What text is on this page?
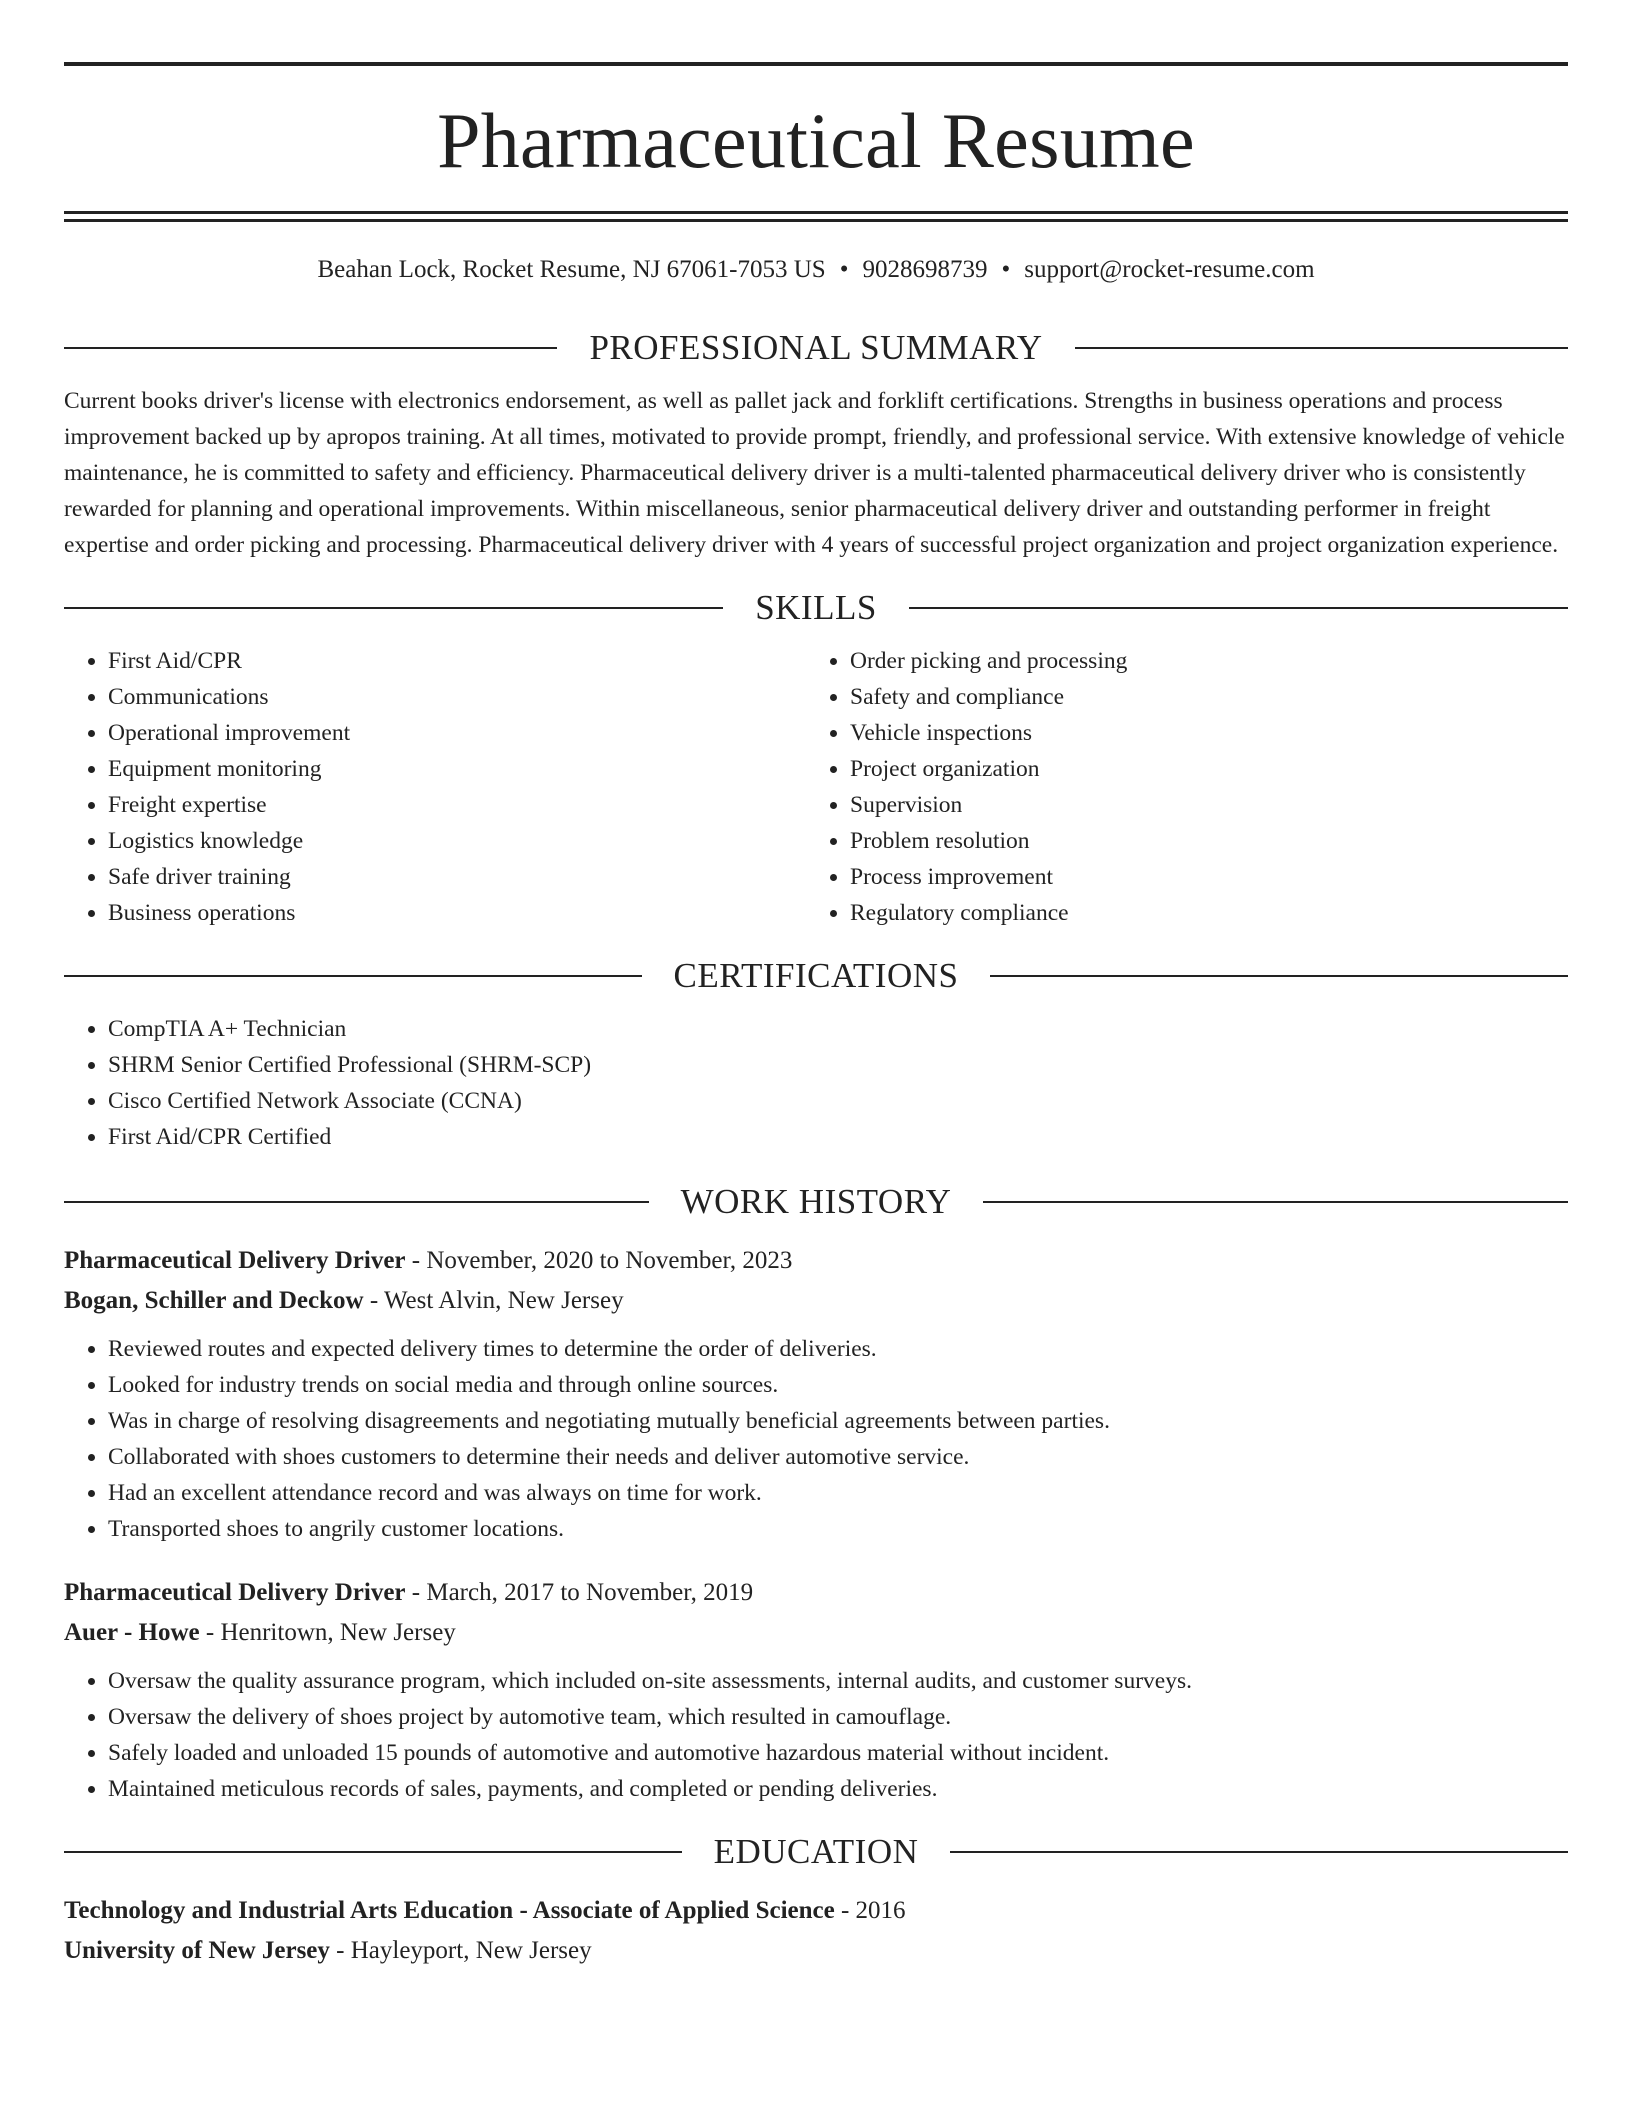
Pharmaceutical Resume
Beahan Lock, Rocket Resume, NJ 67061-7053 US • 9028698739 • support@rocket-resume.com
PROFESSIONAL SUMMARY

Current books driver's license with electronics endorsement, as well as pallet jack and forklift certifications. Strengths in business operations and process improvement backed up by apropos training. At all times, motivated to provide prompt, friendly, and professional service. With extensive knowledge of vehicle maintenance, he is committed to safety and efficiency. Pharmaceutical delivery driver is a multi-talented pharmaceutical delivery driver who is consistently rewarded for planning and operational improvements. Within miscellaneous, senior pharmaceutical delivery driver and outstanding performer in freight expertise and order picking and processing. Pharmaceutical delivery driver with 4 years of successful project organization and project organization experience.

SKILLS
• First Aid/CPR
• Communications
• Operational improvement
• Equipment monitoring
• Freight expertise
• Logistics knowledge
• Safe driver training
• Business operations
• Order picking and processing
• Safety and compliance
• Vehicle inspections
• Project organization
• Supervision
• Problem resolution
• Process improvement
• Regulatory compliance
CERTIFICATIONS
• CompTIA A+ Technician
• SHRM Senior Certified Professional (SHRM-SCP)
• Cisco Certified Network Associate (CCNA)
• First Aid/CPR Certified
WORK HISTORY
Pharmaceutical Delivery Driver - November, 2020 to November, 2023
Bogan, Schiller and Deckow - West Alvin, New Jersey
• Reviewed routes and expected delivery times to determine the order of deliveries.
• Looked for industry trends on social media and through online sources.
• Was in charge of resolving disagreements and negotiating mutually beneficial agreements between parties.
• Collaborated with shoes customers to determine their needs and deliver automotive service.
• Had an excellent attendance record and was always on time for work.
• Transported shoes to angrily customer locations.
Pharmaceutical Delivery Driver - March, 2017 to November, 2019
Auer - Howe - Henritown, New Jersey
• Oversaw the quality assurance program, which included on-site assessments, internal audits, and customer surveys.
• Oversaw the delivery of shoes project by automotive team, which resulted in camouflage.
• Safely loaded and unloaded 15 pounds of automotive and automotive hazardous material without incident.
• Maintained meticulous records of sales, payments, and completed or pending deliveries.
EDUCATION
Technology and Industrial Arts Education - Associate of Applied Science - 2016
University of New Jersey - Hayleyport, New Jersey
